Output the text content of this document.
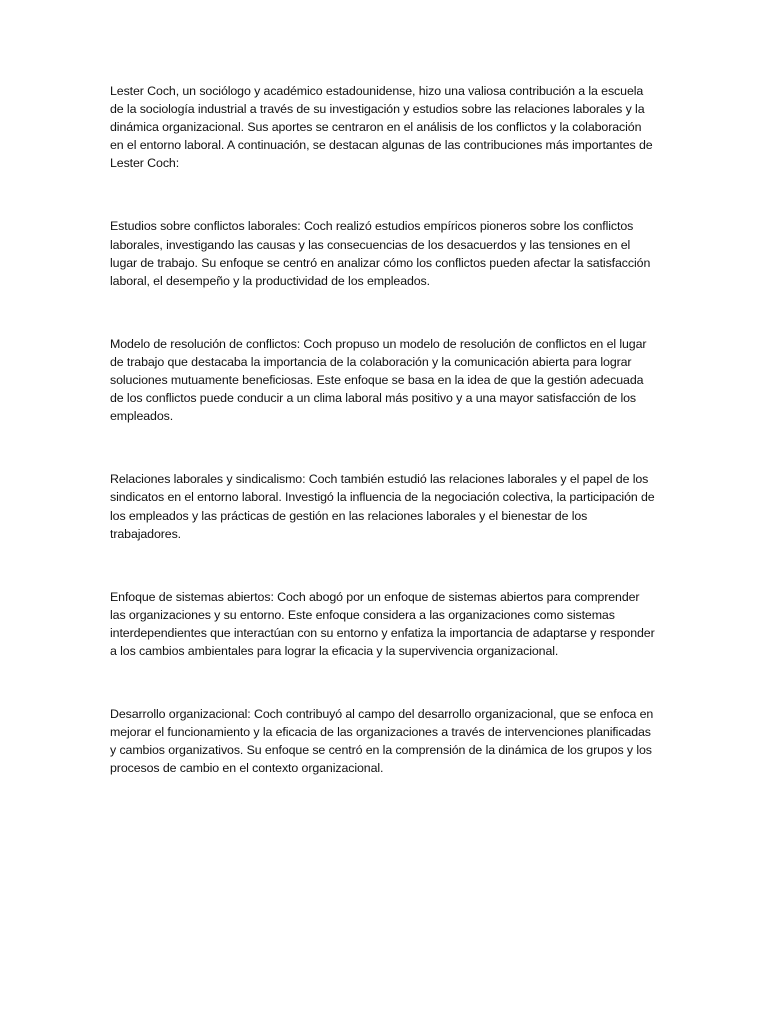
Lester Coch, un sociólogo y académico estadounidense, hizo una valiosa contribución a la escuela de la sociología industrial a través de su investigación y estudios sobre las relaciones laborales y la dinámica organizacional. Sus aportes se centraron en el análisis de los conflictos y la colaboración en el entorno laboral. A continuación, se destacan algunas de las contribuciones más importantes de Lester Coch:

Estudios sobre conflictos laborales: Coch realizó estudios empíricos pioneros sobre los conflictos laborales, investigando las causas y las consecuencias de los desacuerdos y las tensiones en el lugar de trabajo. Su enfoque se centró en analizar cómo los conflictos pueden afectar la satisfacción laboral, el desempeño y la productividad de los empleados.

Modelo de resolución de conflictos: Coch propuso un modelo de resolución de conflictos en el lugar de trabajo que destacaba la importancia de la colaboración y la comunicación abierta para lograr soluciones mutuamente beneficiosas. Este enfoque se basa en la idea de que la gestión adecuada de los conflictos puede conducir a un clima laboral más positivo y a una mayor satisfacción de los empleados.

Relaciones laborales y sindicalismo: Coch también estudió las relaciones laborales y el papel de los sindicatos en el entorno laboral. Investigó la influencia de la negociación colectiva, la participación de los empleados y las prácticas de gestión en las relaciones laborales y el bienestar de los trabajadores.

Enfoque de sistemas abiertos: Coch abogó por un enfoque de sistemas abiertos para comprender las organizaciones y su entorno. Este enfoque considera a las organizaciones como sistemas interdependientes que interactúan con su entorno y enfatiza la importancia de adaptarse y responder a los cambios ambientales para lograr la eficacia y la supervivencia organizacional.

Desarrollo organizacional: Coch contribuyó al campo del desarrollo organizacional, que se enfoca en mejorar el funcionamiento y la eficacia de las organizaciones a través de intervenciones planificadas y cambios organizativos. Su enfoque se centró en la comprensión de la dinámica de los grupos y los procesos de cambio en el contexto organizacional.
